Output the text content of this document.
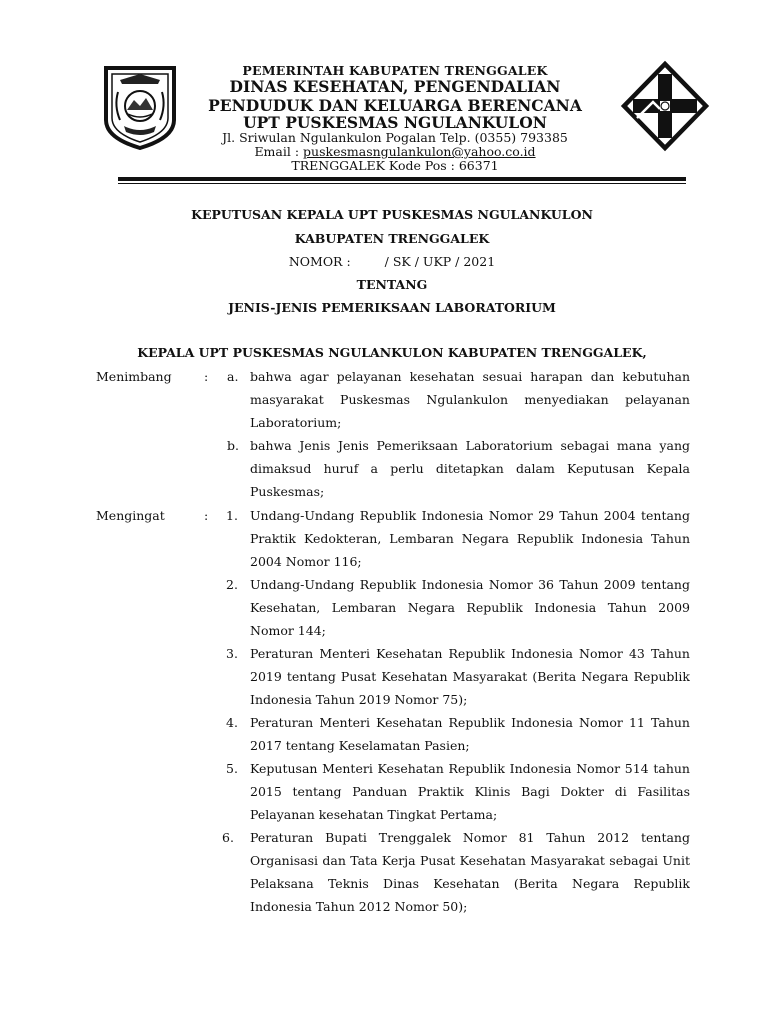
PEMERINTAH KABUPATEN TRENGGALEK
DINAS KESEHATAN, PENGENDALIAN
PENDUDUK DAN KELUARGA BERENCANA
UPT PUSKESMAS NGULANKULON
Jl. Sriwulan Ngulankulon Pogalan Telp. (0355) 793385
Email : puskesmasngulankulon@yahoo.co.id
TRENGGALEK Kode Pos : 66371
KEPUTUSAN KEPALA UPT PUSKESMAS NGULANKULON
KABUPATEN TRENGGALEK
NOMOR :	/ SK / UKP / 2021
TENTANG
JENIS-JENIS PEMERIKSAAN LABORATORIUM
KEPALA UPT PUSKESMAS NGULANKULON KABUPATEN TRENGGALEK,
Menimbang	: a. bahwa agar pelayanan kesehatan sesuai harapan dan kebutuhan masyarakat Puskesmas Ngulankulon menyediakan pelayanan Laboratorium;
b. bahwa Jenis Jenis Pemeriksaan Laboratorium sebagai mana yang dimaksud huruf a perlu ditetapkan dalam Keputusan Kepala Puskesmas;
Mengingat	: 1. Undang-Undang Republik Indonesia Nomor 29 Tahun 2004 tentang Praktik Kedokteran, Lembaran Negara Republik Indonesia Tahun 2004 Nomor 116;
2. Undang-Undang Republik Indonesia Nomor 36 Tahun 2009 tentang Kesehatan, Lembaran Negara Republik Indonesia Tahun 2009 Nomor 144;
3. Peraturan Menteri Kesehatan Republik Indonesia Nomor 43 Tahun 2019 tentang Pusat Kesehatan Masyarakat (Berita Negara Republik Indonesia Tahun 2019 Nomor 75);
4. Peraturan Menteri Kesehatan Republik Indonesia Nomor 11 Tahun 2017 tentang Keselamatan Pasien;
5. Keputusan Menteri Kesehatan Republik Indonesia Nomor 514 tahun 2015 tentang Panduan Praktik Klinis Bagi Dokter di Fasilitas Pelayanan kesehatan Tingkat Pertama;
6. Peraturan Bupati Trenggalek Nomor 81 Tahun 2012 tentang Organisasi dan Tata Kerja Pusat Kesehatan Masyarakat sebagai Unit Pelaksana Teknis Dinas Kesehatan (Berita Negara Republik Indonesia Tahun 2012 Nomor 50);
